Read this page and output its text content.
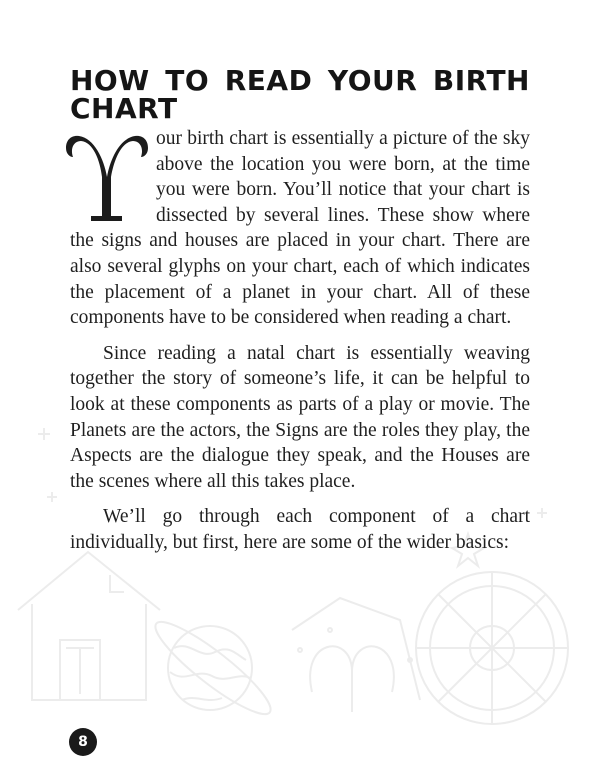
HOW TO READ YOUR BIRTH CHART

Y
our birth chart is essentially a picture of the sky above the location you were born, at the time you were born. You’ll notice that your chart is dissected by several lines. These show where the signs and houses are placed in your chart. There are also several glyphs on your chart, each of which indicates the placement of a planet in your chart. All of these components have to be considered when reading a chart.

Since reading a natal chart is essentially weaving together the story of someone’s life, it can be helpful to look at these components as parts of a play or movie. The Planets are the actors, the Signs are the roles they play, the Aspects are the dialogue they speak, and the Houses are the scenes where all this takes place.

We’ll go through each component of a chart individually, but first, here are some of the wider basics:

8
